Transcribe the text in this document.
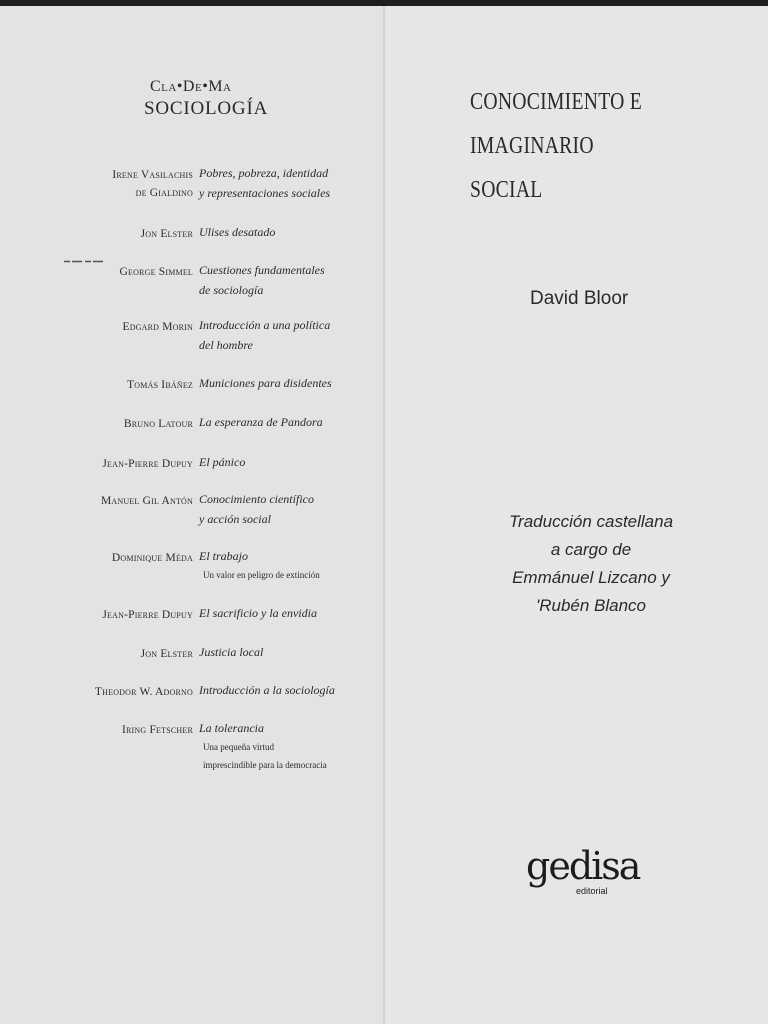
Cla•De•Ma
SOCIOLOGÍA
Irene Vasilachis
de Gialdino
Pobres, pobreza, identidad
y representaciones sociales
Jon Elster Ulises desatado
George Simmel Cuestiones fundamentales
de sociología
Edgard Morin Introducción a una política
del hombre
Tomás Ibáñez Municiones para disidentes
Bruno Latour La esperanza de Pandora
Jean-Pierre Dupuy El pánico
Manuel Gil Antón Conocimiento científico
y acción social
Dominique Méda El trabajo
Un valor en peligro de extinción
Jean-Pierre Dupuy El sacrificio y la envidia
Jon Elster Justicia local
Theodor W. Adorno Introducción a la sociología
Iring Fetscher La tolerancia
Una pequeña virtud
imprescindible para la democracia
CONOCIMIENTO E
IMAGINARIO SOCIAL
David Bloor
Traducción castellana
a cargo de
Emmánuel Lizcano y
'Rubén Blanco
gedisa
editorial
